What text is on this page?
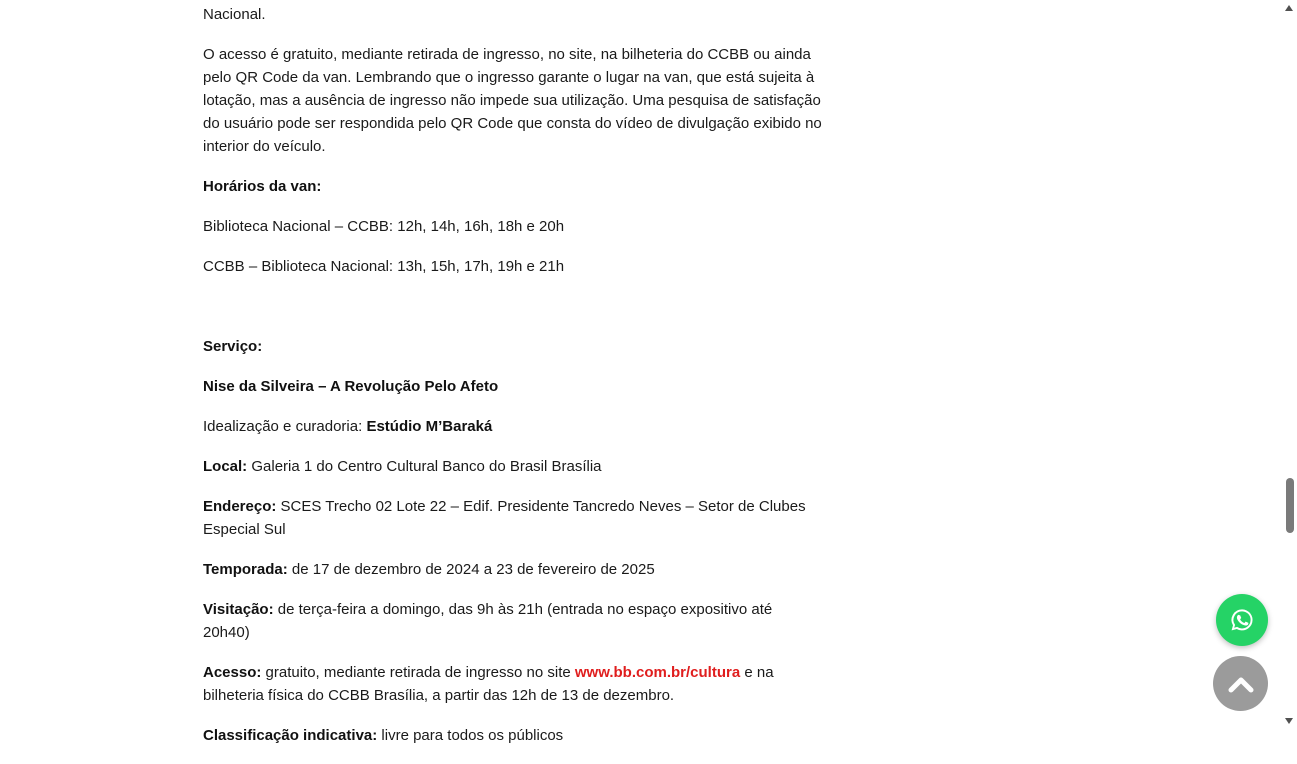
Nacional.

O acesso é gratuito, mediante retirada de ingresso, no site, na bilheteria do CCBB ou ainda pelo QR Code da van. Lembrando que o ingresso garante o lugar na van, que está sujeita à lotação, mas a ausência de ingresso não impede sua utilização. Uma pesquisa de satisfação do usuário pode ser respondida pelo QR Code que consta do vídeo de divulgação exibido no interior do veículo.

Horários da van:

Biblioteca Nacional – CCBB: 12h, 14h, 16h, 18h e 20h

CCBB – Biblioteca Nacional: 13h, 15h, 17h, 19h e 21h

Serviço:

Nise da Silveira – A Revolução Pelo Afeto

Idealização e curadoria: Estúdio M’Baraká

Local: Galeria 1 do Centro Cultural Banco do Brasil Brasília

Endereço: SCES Trecho 02 Lote 22 – Edif. Presidente Tancredo Neves – Setor de Clubes Especial Sul

Temporada: de 17 de dezembro de 2024 a 23 de fevereiro de 2025

Visitação: de terça-feira a domingo, das 9h às 21h (entrada no espaço expositivo até 20h40)

Acesso: gratuito, mediante retirada de ingresso no site www.bb.com.br/cultura e na bilheteria física do CCBB Brasília, a partir das 12h de 13 de dezembro.

Classificação indicativa: livre para todos os públicos
